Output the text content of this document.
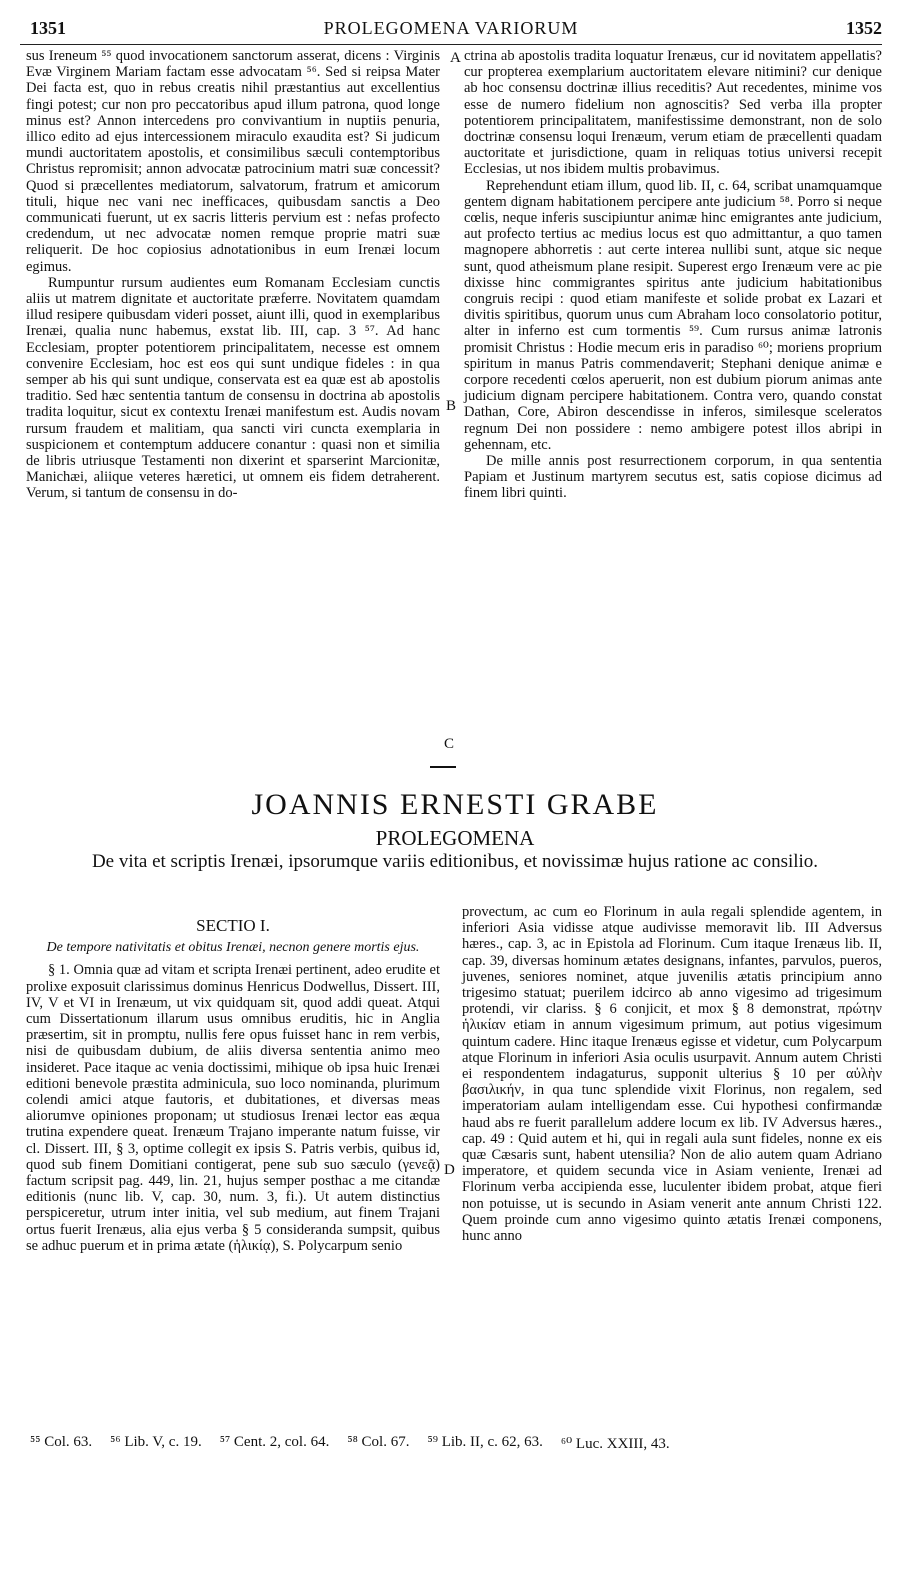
PROLEGOMENA VARIORUM
1351	1352

sus Ireneum ⁵⁵ quod invocationem sanctorum asserat, dicens : Virginis Evæ Virginem Mariam factam esse advocatam ⁵⁶. Sed si reipsa Mater Dei facta est, quo in rebus creatis nihil præstantius aut excellentius fingi potest; cur non pro peccatoribus apud illum patrona, quod longe minus est? Annon intercedens pro convivantium in nuptiis penuria, illico edito ad ejus intercessionem miraculo exaudita est? Si judicum mundi auctoritatem apostolis, et consimilibus sæculi contemptoribus Christus repromisit; annon advocatæ patrocinium matri suæ concessit? Quod si præcellentes mediatorum, salvatorum, fratrum et amicorum tituli, hique nec vani nec inefficaces, quibusdam sanctis a Deo communicati fuerunt, ut ex sacris litteris pervium est : nefas profecto credendum, ut nec advocatæ nomen remque proprie matri suæ reliquerit. De hoc copiosius adnotationibus in eum Irenæi locum egimus.

Rumpuntur rursum audientes eum Romanam Ecclesiam cunctis aliis ut matrem dignitate et auctoritate præferre. Novitatem quamdam illud resipere quibusdam videri posset, aiunt illi, quod in exemplaribus Irenæi, qualia nunc habemus, exstat lib. III, cap. 3 ⁵⁷. Ad hanc Ecclesiam, propter potentiorem principalitatem, necesse est omnem convenire Ecclesiam, hoc est eos qui sunt undique fideles : in qua semper ab his qui sunt undique, conservata est ea quæ est ab apostolis traditio. Sed hæc sententia tantum de consensu in doctrina ab apostolis tradita loquitur, sicut ex contextu Irenæi manifestum est. Audis novam rursum fraudem et malitiam, qua sancti viri cuncta exemplaria in suspicionem et contemptum adducere conantur : quasi non et similia de libris utriusque Testamenti non dixerint et sparserint Marcionitæ, Manichæi, aliique veteres hæretici, ut omnem eis fidem detraherent. Verum, si tantum de consensu in do-

A
B
C

ctrina ab apostolis tradita loquatur Irenæus, cur id novitatem appellatis? cur propterea exemplarium auctoritatem elevare nitimini? cur denique ab hoc consensu doctrinæ illius receditis? Aut recedentes, minime vos esse de numero fidelium non agnoscitis? Sed verba illa propter potentiorem principalitatem, manifestissime demonstrant, non de solo doctrinæ consensu loqui Irenæum, verum etiam de præcellenti quadam auctoritate et jurisdictione, quam in reliquas totius universi recepit Ecclesias, ut nos ibidem multis probavimus.

Reprehendunt etiam illum, quod lib. II, c. 64, scribat unamquamque gentem dignam habitationem percipere ante judicium ⁵⁸. Porro si neque cœlis, neque inferis suscipiuntur animæ hinc emigrantes ante judicium, aut profecto tertius ac medius locus est quo admittantur, a quo tamen magnopere abhorretis : aut certe interea nullibi sunt, atque sic neque sunt, quod atheismum plane resipit. Superest ergo Irenæum vere ac pie dixisse hinc commigrantes spiritus ante judicium habitationibus congruis recipi : quod etiam manifeste et solide probat ex Lazari et divitis spiritibus, quorum unus cum Abraham loco consolatorio potitur, alter in inferno est cum tormentis ⁵⁹. Cum rursus animæ latronis promisit Christus : Hodie mecum eris in paradiso ⁶⁰; moriens proprium spiritum in manus Patris commendaverit; Stephani denique animæ e corpore recedenti cœlos aperuerit, non est dubium piorum animas ante judicium dignam percipere habitationem. Contra vero, quando constat Dathan, Core, Abiron descendisse in inferos, similesque sceleratos regnum Dei non possidere : nemo ambigere potest illos abripi in gehennam, etc.

De mille annis post resurrectionem corporum, in qua sententia Papiam et Justinum martyrem secutus est, satis copiose dicimus ad finem libri quinti.

JOANNIS ERNESTI GRABE
PROLEGOMENA
De vita et scriptis Irenæi, ipsorumque variis editionibus, et novissimæ hujus ratione ac consilio.

SECTIO I.

De tempore nativitatis et obitus Irenæi, necnon genere mortis ejus.

§ 1. Omnia quæ ad vitam et scripta Irenæi pertinent, adeo erudite et prolixe exposuit clarissimus dominus Henricus Dodwellus, Dissert. III, IV, V et VI in Irenæum, ut vix quidquam sit, quod addi queat. Atqui cum Dissertationum illarum usus omnibus eruditis, hic in Anglia præsertim, sit in promptu, nullis fere opus fuisset hanc in rem verbis, nisi de quibusdam dubium, de aliis diversa sententia animo meo insideret. Pace itaque ac venia doctissimi, mihique ob ipsa huic Irenæi editioni benevole præstita adminicula, suo loco nominanda, plurimum colendi amici atque fautoris, et dubitationes, et diversas meas aliorumve opiniones proponam; ut studiosus Irenæi lector eas æqua trutina expendere queat. Irenæum Trajano imperante natum fuisse, vir cl. Dissert. III, § 3, optime collegit ex ipsis S. Patris verbis, quibus id, quod sub finem Domitiani contigerat, pene sub suo sæculo (γενεᾷ) factum scripsit pag. 449, lin. 21, hujus semper posthac a me citandæ editionis (nunc lib. V, cap. 30, num. 3, fi.). Ut autem distinctius perspiceretur, utrum inter initia, vel sub medium, aut finem Trajani ortus fuerit Irenæus, alia ejus verba § 5 consideranda sumpsit, quibus se adhuc puerum et in prima ætate (ἡλικίᾳ), S. Polycarpum senio

D

provectum, ac cum eo Florinum in aula regali splendide agentem, in inferiori Asia vidisse atque audivisse memoravit lib. III Adversus hæres., cap. 3, ac in Epistola ad Florinum. Cum itaque Irenæus lib. II, cap. 39, diversas hominum ætates designans, infantes, parvulos, pueros, juvenes, seniores nominet, atque juvenilis ætatis principium anno trigesimo statuat; puerilem idcirco ab anno vigesimo ad trigesimum protendi, vir clariss. § 6 conjicit, et mox § 8 demonstrat, πρώτην ἡλικίαν etiam in annum vigesimum primum, aut potius vigesimum quintum cadere. Hinc itaque Irenæus egisse et videtur, cum Polycarpum atque Florinum in inferiori Asia oculis usurpavit. Annum autem Christi ei respondentem indagaturus, supponit ulterius § 10 per αὐλὴν βασιλικήν, in qua tunc splendide vixit Florinus, non regalem, sed imperatoriam aulam intelligendam esse. Cui hypothesi confirmandæ haud abs re fuerit parallelum addere locum ex lib. IV Adversus hæres., cap. 49 : Quid autem et hi, qui in regali aula sunt fideles, nonne ex eis quæ Cæsaris sunt, habent utensilia? Non de alio autem quam Adriano imperatore, et quidem secunda vice in Asiam veniente, Irenæi ad Florinum verba accipienda esse, luculenter ibidem probat, atque fieri non potuisse, ut is secundo in Asiam venerit ante annum Christi 122. Quem proinde cum anno vigesimo quinto ætatis Irenæi componens, hunc anno

⁵⁵ Col. 63. ⁵⁶ Lib. V, c. 19. ⁵⁷ Cent. 2, col. 64. ⁵⁸ Col. 67. ⁵⁹ Lib. II, c. 62, 63. ⁶⁰ Luc. XXIII, 43.
